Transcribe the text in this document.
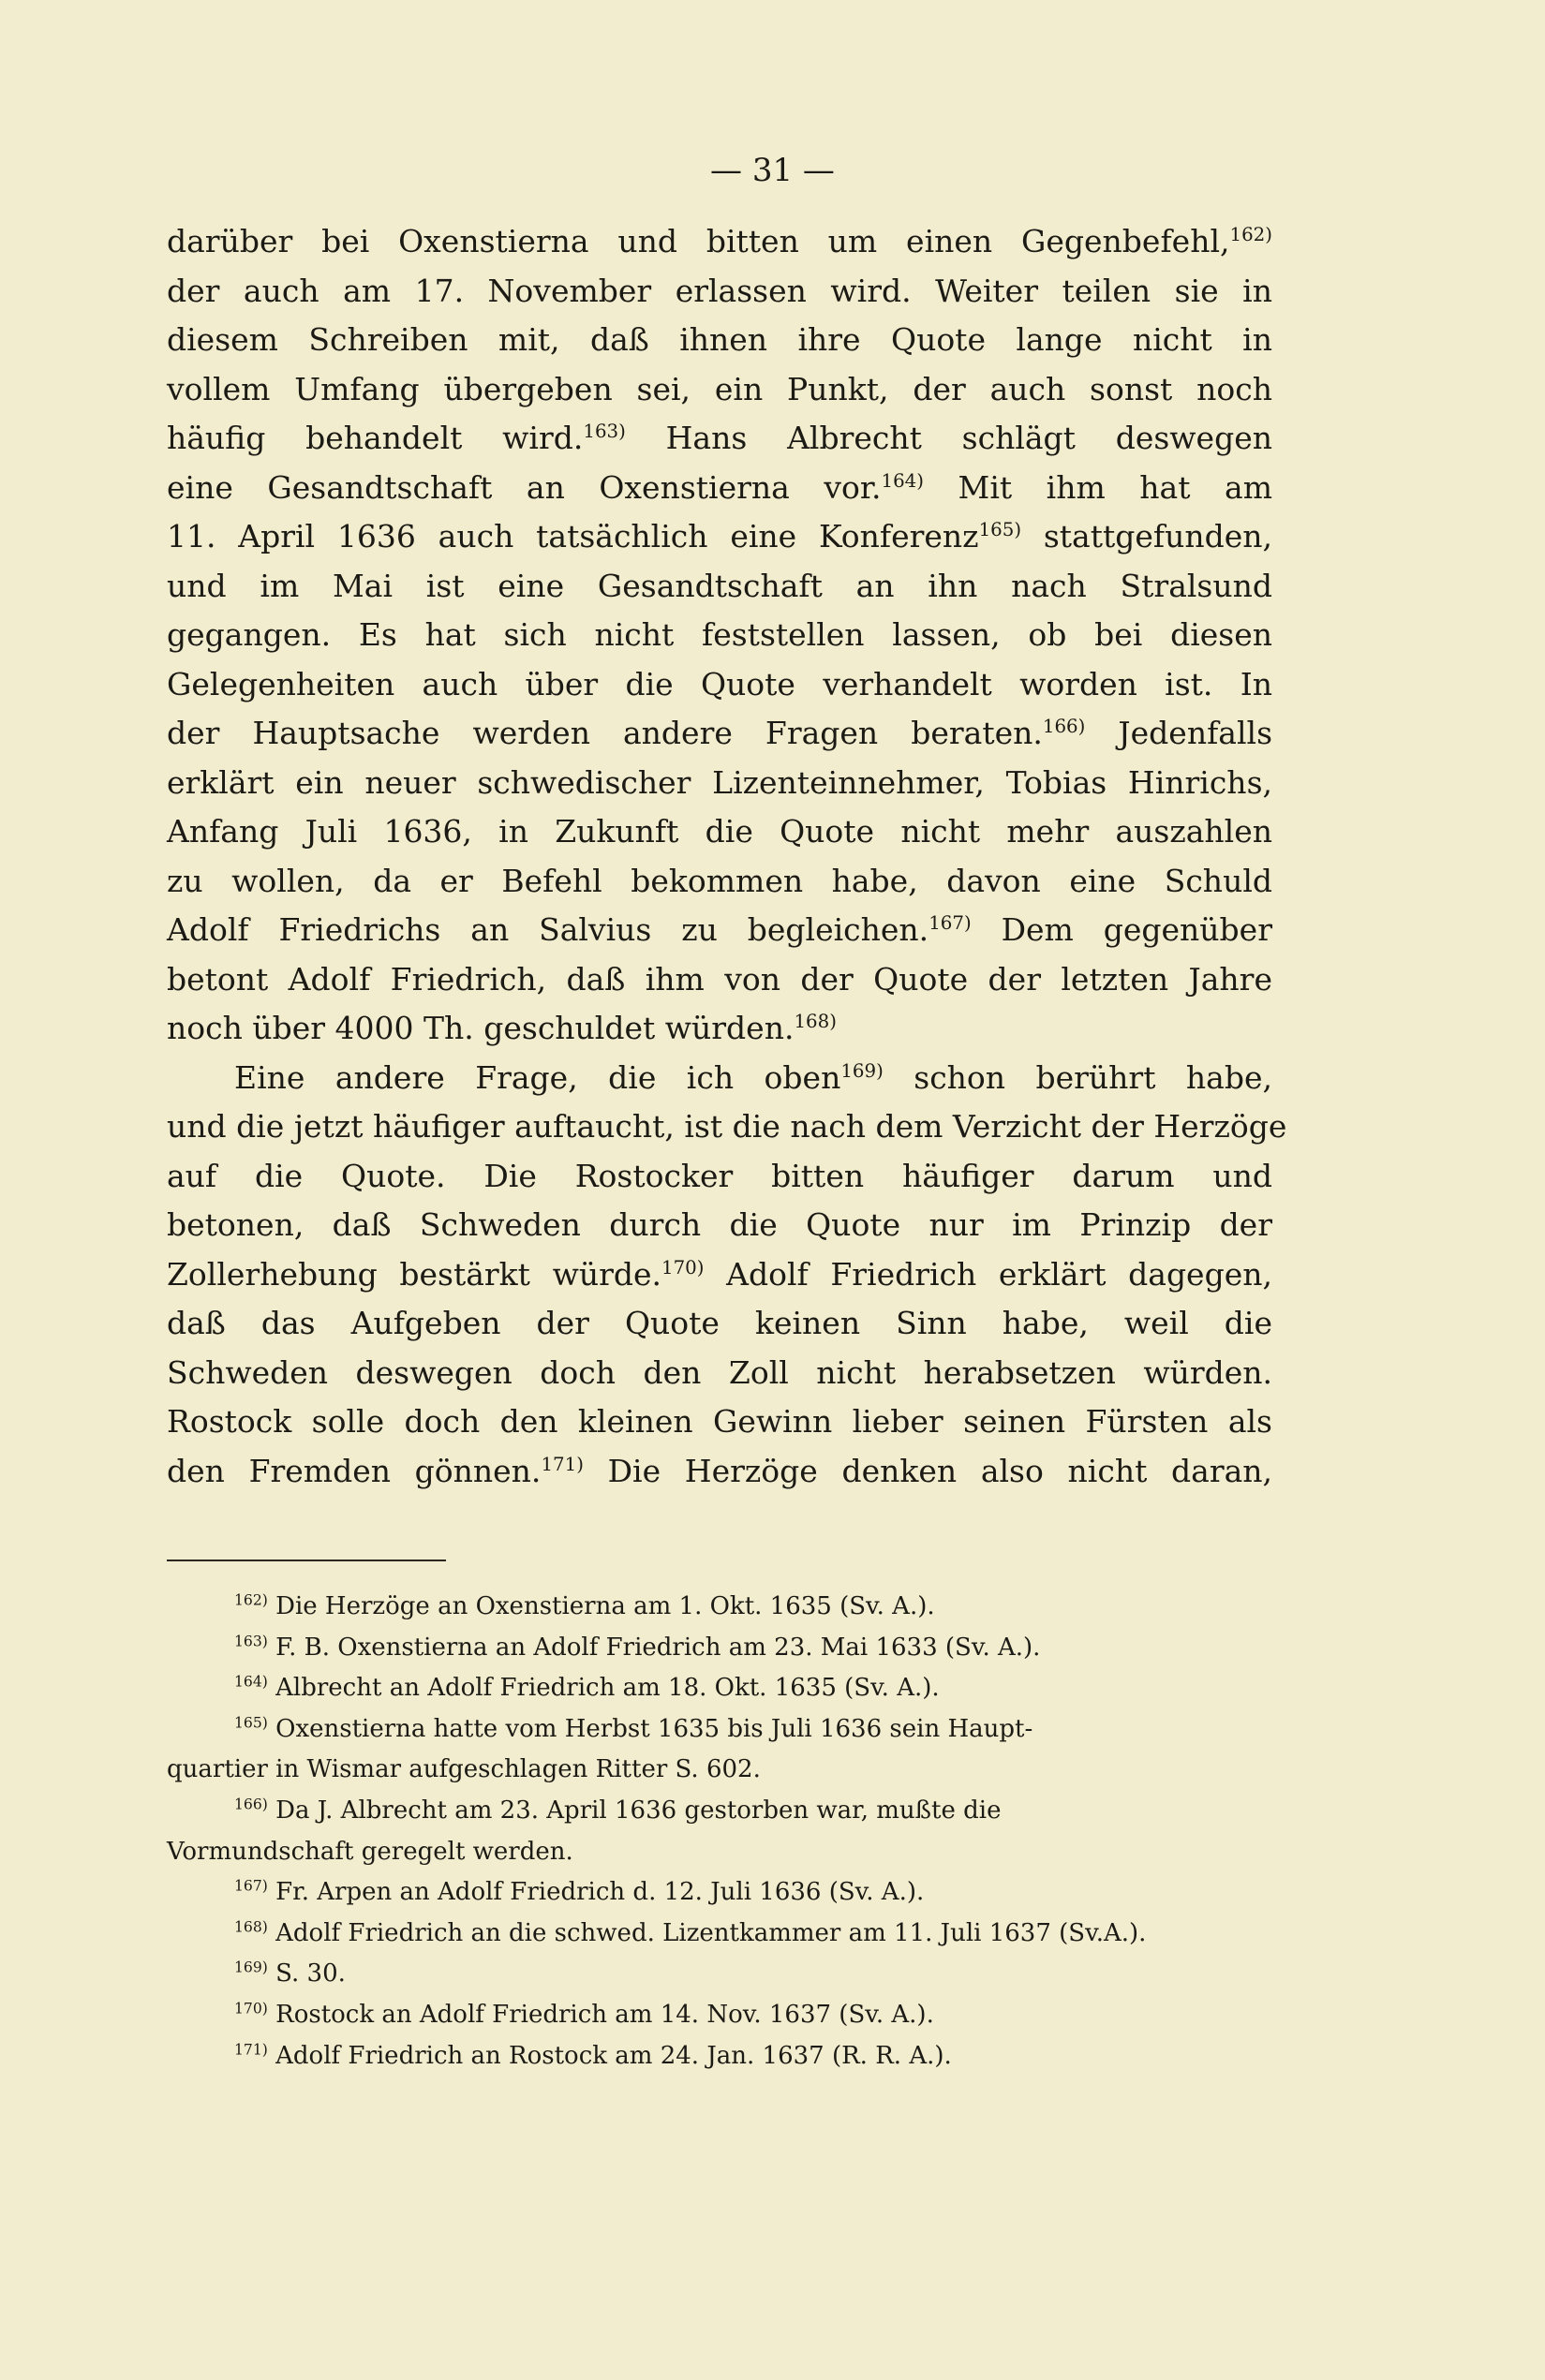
— 31 —
darüber bei Oxenstierna und bitten um einen Gegenbefehl,$^{162)}$
der auch am 17. November erlassen wird. Weiter teilen sie in
diesem Schreiben mit, daß ihnen ihre Quote lange nicht in
vollem Umfang übergeben sei, ein Punkt, der auch sonst noch
häufig behandelt wird.$^{163)}$ Hans Albrecht schlägt deswegen
eine Gesandtschaft an Oxenstierna vor.$^{164)}$ Mit ihm hat am
11. April 1636 auch tatsächlich eine Konferenz$^{165)}$ stattgefunden,
und im Mai ist eine Gesandtschaft an ihn nach Stralsund
gegangen. Es hat sich nicht feststellen lassen, ob bei diesen
Gelegenheiten auch über die Quote verhandelt worden ist. In
der Hauptsache werden andere Fragen beraten.$^{166)}$ Jedenfalls
erklärt ein neuer schwedischer Lizenteinnehmer, Tobias Hinrichs,
Anfang Juli 1636, in Zukunft die Quote nicht mehr auszahlen
zu wollen, da er Befehl bekommen habe, davon eine Schuld
Adolf Friedrichs an Salvius zu begleichen.$^{167)}$ Dem gegenüber
betont Adolf Friedrich, daß ihm von der Quote der letzten Jahre
noch über 4000 Th. geschuldet würden.$^{168)}$
Eine andere Frage, die ich oben$^{169)}$ schon berührt habe,
und die jetzt häufiger auftaucht, ist die nach dem Verzicht der Herzöge
auf die Quote. Die Rostocker bitten häufiger darum und
betonen, daß Schweden durch die Quote nur im Prinzip der
Zollerhebung bestärkt würde.$^{170)}$ Adolf Friedrich erklärt dagegen,
daß das Aufgeben der Quote keinen Sinn habe, weil die
Schweden deswegen doch den Zoll nicht herabsetzen würden.
Rostock solle doch den kleinen Gewinn lieber seinen Fürsten als
den Fremden gönnen.$^{171)}$ Die Herzöge denken also nicht daran,
$^{162)}$ Die Herzöge an Oxenstierna am 1. Okt. 1635 (Sv. A.).
$^{163)}$ F. B. Oxenstierna an Adolf Friedrich am 23. Mai 1633 (Sv. A.).
$^{164)}$ Albrecht an Adolf Friedrich am 18. Okt. 1635 (Sv. A.).
$^{165)}$ Oxenstierna hatte vom Herbst 1635 bis Juli 1636 sein Haupt-
quartier in Wismar aufgeschlagen Ritter S. 602.
$^{166)}$ Da J. Albrecht am 23. April 1636 gestorben war, mußte die
Vormundschaft geregelt werden.
$^{167)}$ Fr. Arpen an Adolf Friedrich d. 12. Juli 1636 (Sv. A.).
$^{168)}$ Adolf Friedrich an die schwed. Lizentkammer am 11. Juli 1637 (Sv.A.).
$^{169)}$ S. 30.
$^{170)}$ Rostock an Adolf Friedrich am 14. Nov. 1637 (Sv. A.).
$^{171)}$ Adolf Friedrich an Rostock am 24. Jan. 1637 (R. R. A.).
